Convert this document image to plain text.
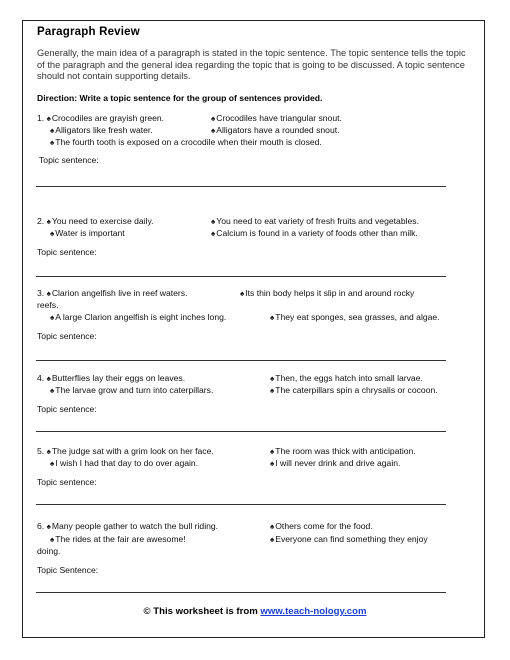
Paragraph Review
Generally, the main idea of a paragraph is stated in the topic sentence. The topic sentence tells the topic of the paragraph and the general idea regarding the topic that is going to be discussed. A topic sentence should not contain supporting details.
Direction: Write a topic sentence for the group of sentences provided.
1. ♠Crocodiles are grayish green.	♠Crocodiles have triangular snout.
♠Alligators like fresh water.	♠Alligators have a rounded snout.
♠The fourth tooth is exposed on a crocodile when their mouth is closed.
Topic sentence:
2. ♠You need to exercise daily.	♠You need to eat variety of fresh fruits and vegetables.
♠Water is important	♠Calcium is found in a variety of foods other than milk.
Topic sentence:
3. ♠Clarion angelfish live in reef waters.	♠Its thin body helps it slip in and around rocky
reefs.
♠A large Clarion angelfish is eight inches long.	♠They eat sponges, sea grasses, and algae.
Topic sentence:
4. ♠Butterflies lay their eggs on leaves.	♠Then, the eggs hatch into small larvae.
♠The larvae grow and turn into caterpillars.	♠The caterpillars spin a chrysalis or cocoon.
Topic sentence:
5. ♠The judge sat with a grim look on her face.	♠The room was thick with anticipation.
♠I wish I had that day to do over again.	♠I will never drink and drive again.
Topic sentence:
6. ♠Many people gather to watch the bull riding.	♠Others come for the food.
♠The rides at the fair are awesome!	♠Everyone can find something they enjoy
doing.
Topic Sentence:
© This worksheet is from www.teach-nology.com
